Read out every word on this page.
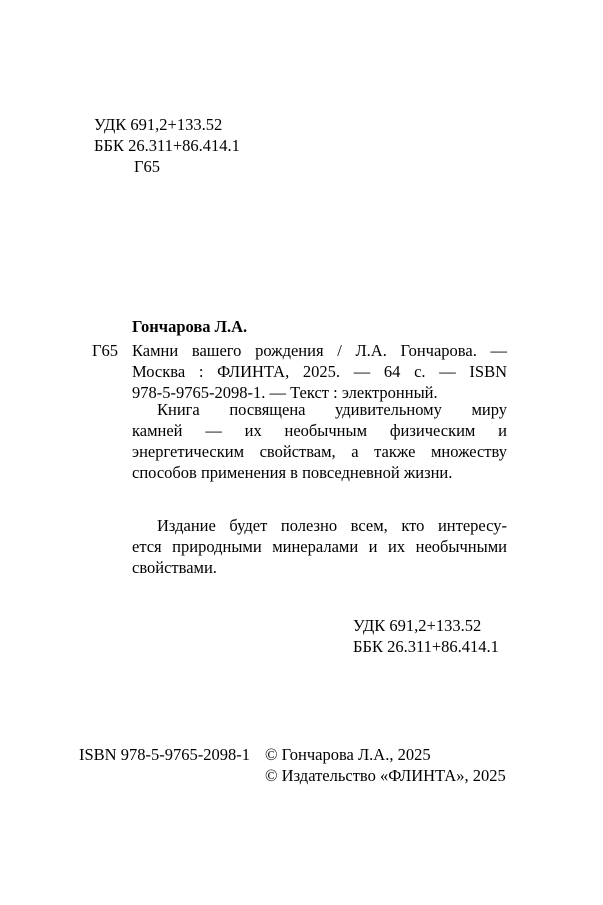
УДК 691,2+133.52
ББК 26.311+86.414.1
Г65
Гончарова Л.А.
Г65 Камни вашего рождения / Л.А. Гончарова. —
Москва : ФЛИНТА, 2025. — 64 с. — ISBN
978-5-9765-2098-1. — Текст : электронный.
Книга посвящена удивительному миру
камней — их необычным физическим и
энергетическим свойствам, а также множеству
способов применения в повседневной жизни.
Издание будет полезно всем, кто интересу-
ется природными минералами и их необычными
свойствами.
УДК 691,2+133.52
ББК 26.311+86.414.1
ISBN 978-5-9765-2098-1 © Гончарова Л.А., 2025
© Издательство «ФЛИНТА», 2025
